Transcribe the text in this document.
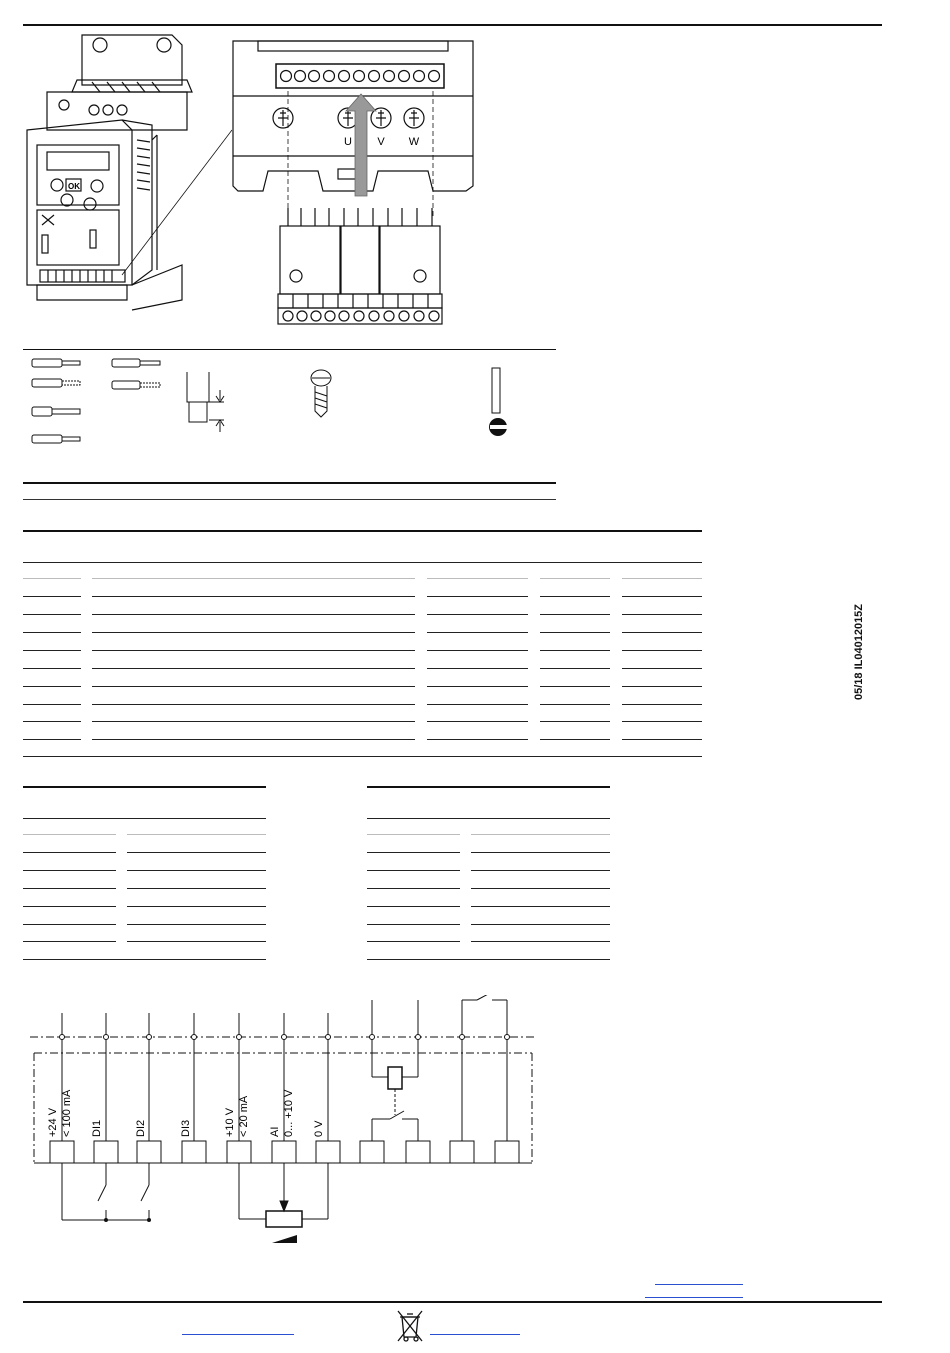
OK
U V W
+24 V < 100 mA DI1	DI2	DI3	+10 V < 20 mA AI 0... +10 V 0 V
05/18 IL04012015Z
